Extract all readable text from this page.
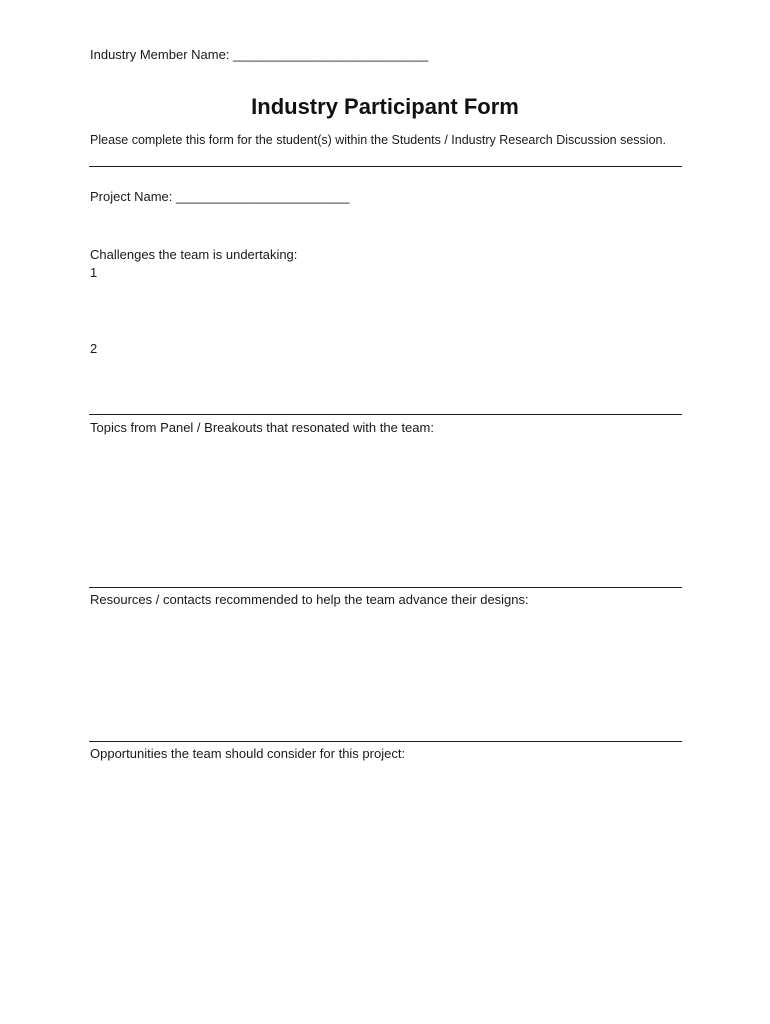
Industry Member Name: ___________________________
Industry Participant Form
Please complete this form for the student(s) within the Students / Industry Research Discussion session.
Project Name: ________________________
Challenges the team is undertaking:
1
2
Topics from Panel / Breakouts that resonated with the team:
Resources / contacts recommended to help the team advance their designs:
Opportunities the team should consider for this project:
